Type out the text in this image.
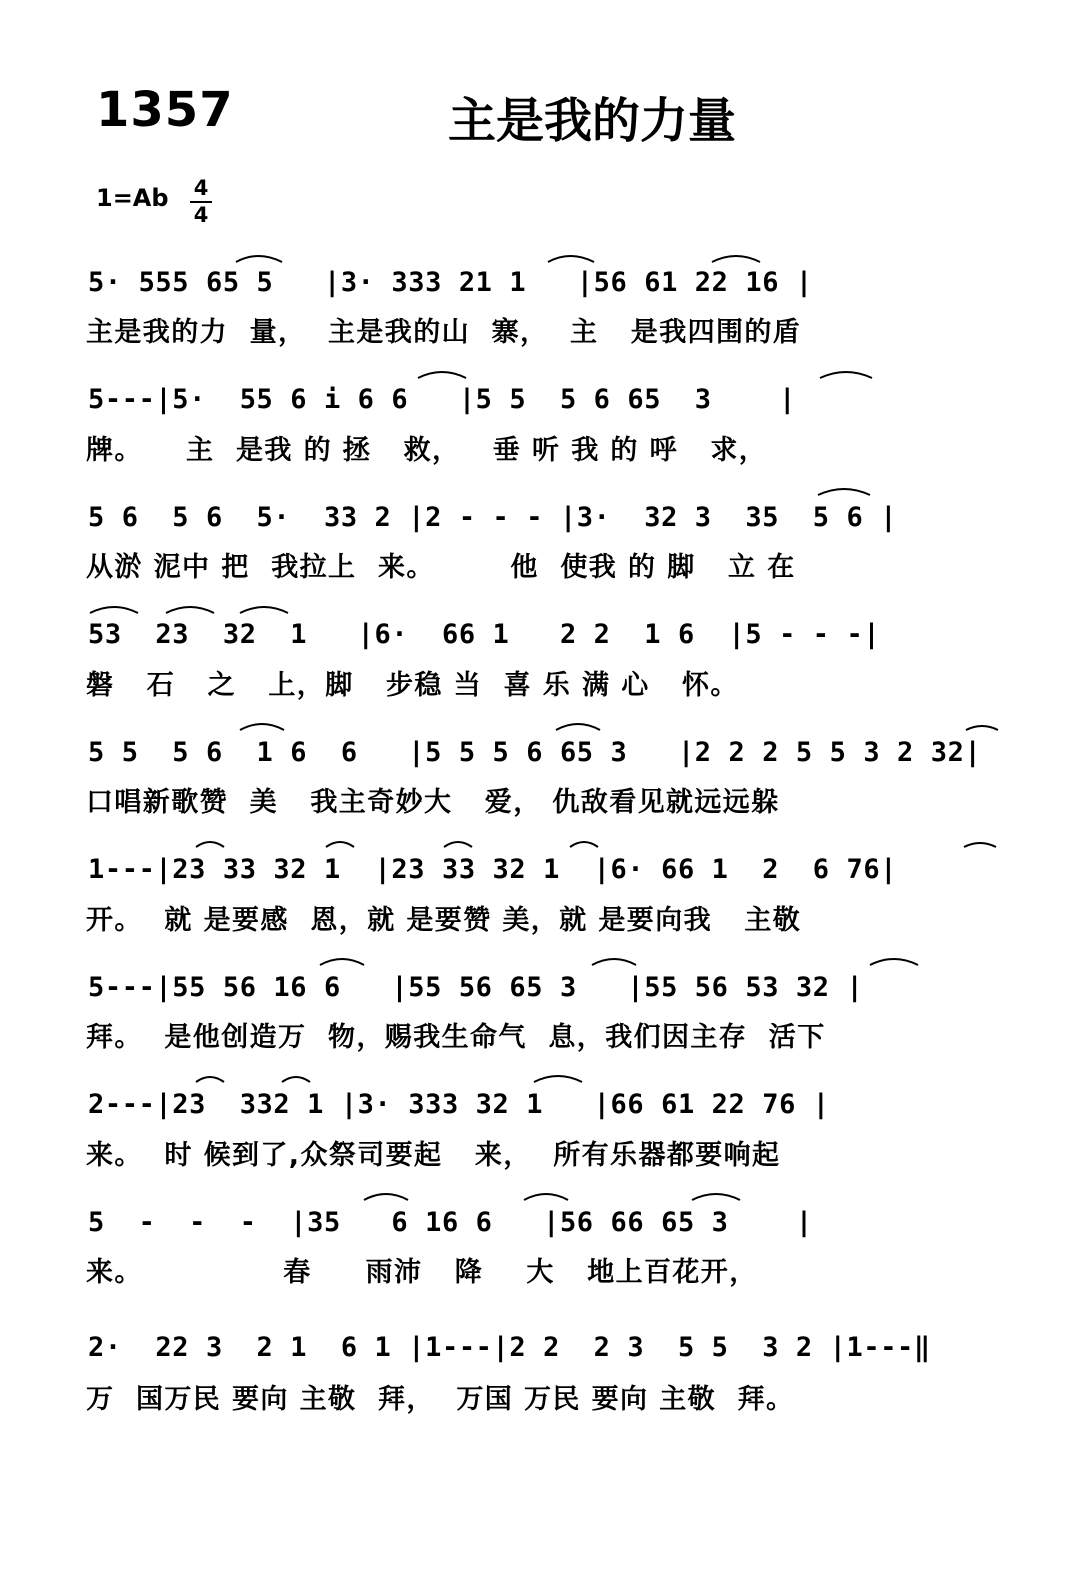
1357	主是我的力量
1=Ab 4
4
5· 555 65 5   |3· 333 21 1   |56 61 22 16 |
主是我的力  量，  主是我的山  寨，  主   是我四围的盾
5---|5·  55 6 i 6 6   |5 5  5 6 65  3    |
牌。    主  是我 的 拯   救，   垂 听 我 的 呼   求，
5 6  5 6  5·  33 2 |2 - - - |3·  32 3  35  5 6 |
从淤 泥中 把  我拉上  来。       他  使我 的 脚   立 在
53  23  32  1   |6·  66 1   2 2  1 6  |5 - - -|
磐   石   之   上，脚   步稳 当  喜 乐 满 心   怀。
5 5  5 6  1 6  6   |5 5 5 6 65 3   |2 2 2 5 5 3 2 32|
口唱新歌赞  美   我主奇妙大   爱， 仇敌看见就远远躲
1---|23 33 32 1  |23 33 32 1  |6· 66 1  2  6 76|
开。  就 是要感  恩，就 是要赞 美，就 是要向我   主敬
5---|55 56 16 6   |55 56 65 3   |55 56 53 32 |
拜。  是他创造万  物，赐我生命气  息，我们因主存  活下
2---|23  332 1 |3· 333 32 1   |66 61 22 76 |
来。  时 候到了,众祭司要起   来，  所有乐器都要响起
5  -  -  -  |35   6 16 6   |56 66 65 3    |
来。             春     雨沛   降    大   地上百花开，
2·  22 3  2 1  6 1 |1---|2 2  2 3  5 5  3 2 |1---‖
万  国万民 要向 主敬  拜，  万国 万民 要向 主敬  拜。
